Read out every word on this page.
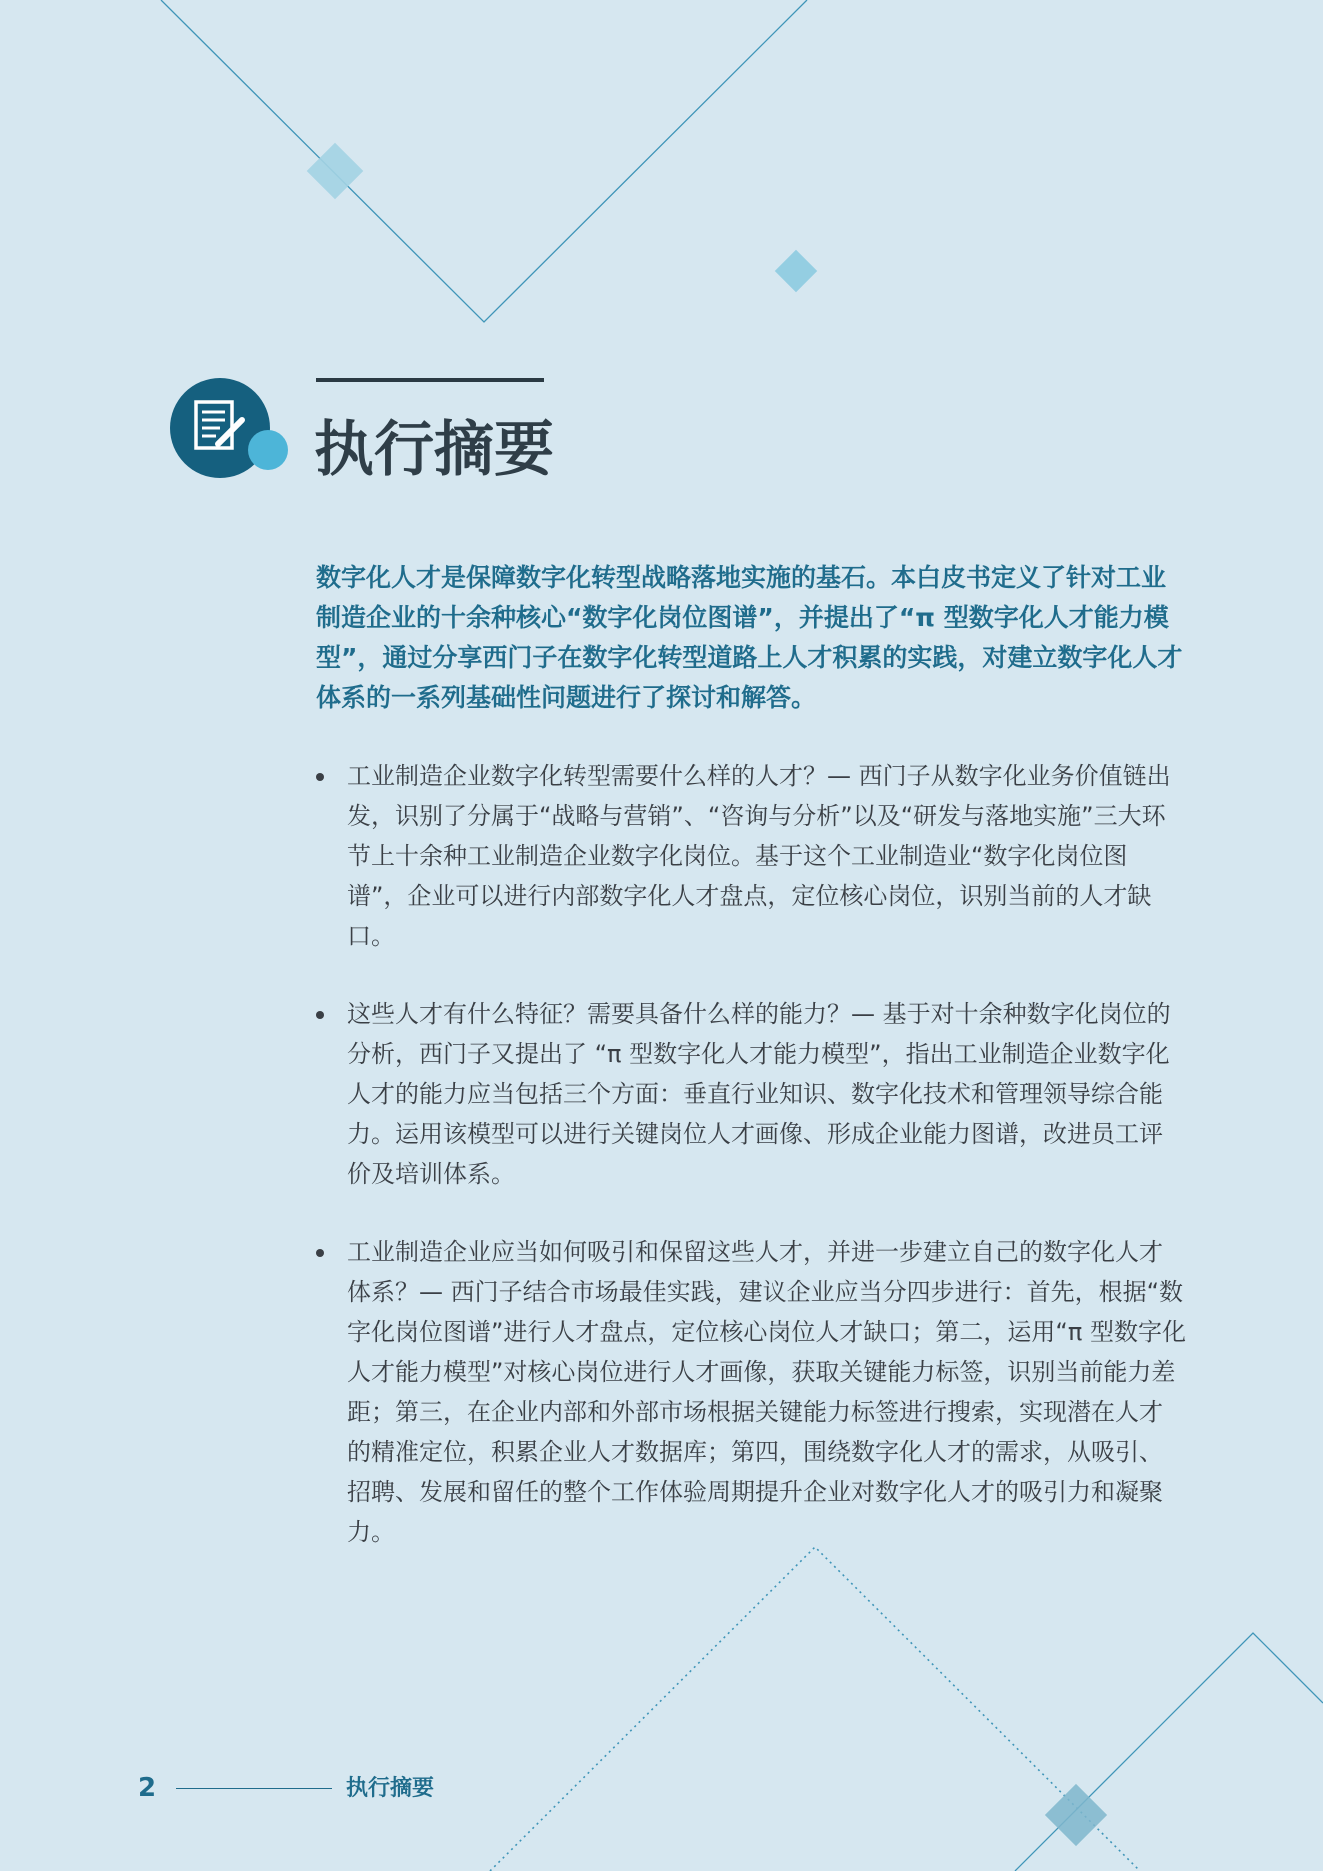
执行摘要

数字化人才是保障数字化转型战略落地实施的基石。本白皮书定义了针对工业制造企业的十余种核心“数字化岗位图谱”，并提出了“π 型数字化人才能力模型”，通过分享西门子在数字化转型道路上人才积累的实践，对建立数字化人才体系的一系列基础性问题进行了探讨和解答。

工业制造企业数字化转型需要什么样的人才？— 西门子从数字化业务价值链出发，识别了分属于“战略与营销”、“咨询与分析”以及“研发与落地实施”三大环节上十余种工业制造企业数字化岗位。基于这个工业制造业“数字化岗位图谱”，企业可以进行内部数字化人才盘点，定位核心岗位，识别当前的人才缺口。
这些人才有什么特征？需要具备什么样的能力？— 基于对十余种数字化岗位的分析，西门子又提出了 “π 型数字化人才能力模型”，指出工业制造企业数字化人才的能力应当包括三个方面：垂直行业知识、数字化技术和管理领导综合能力。运用该模型可以进行关键岗位人才画像、形成企业能力图谱，改进员工评价及培训体系。
工业制造企业应当如何吸引和保留这些人才，并进一步建立自己的数字化人才体系？— 西门子结合市场最佳实践，建议企业应当分四步进行：首先，根据“数字化岗位图谱”进行人才盘点，定位核心岗位人才缺口；第二，运用“π 型数字化人才能力模型”对核心岗位进行人才画像，获取关键能力标签，识别当前能力差距；第三，在企业内部和外部市场根据关键能力标签进行搜索，实现潜在人才的精准定位，积累企业人才数据库；第四，围绕数字化人才的需求，从吸引、招聘、发展和留任的整个工作体验周期提升企业对数字化人才的吸引力和凝聚力。
2	执行摘要
